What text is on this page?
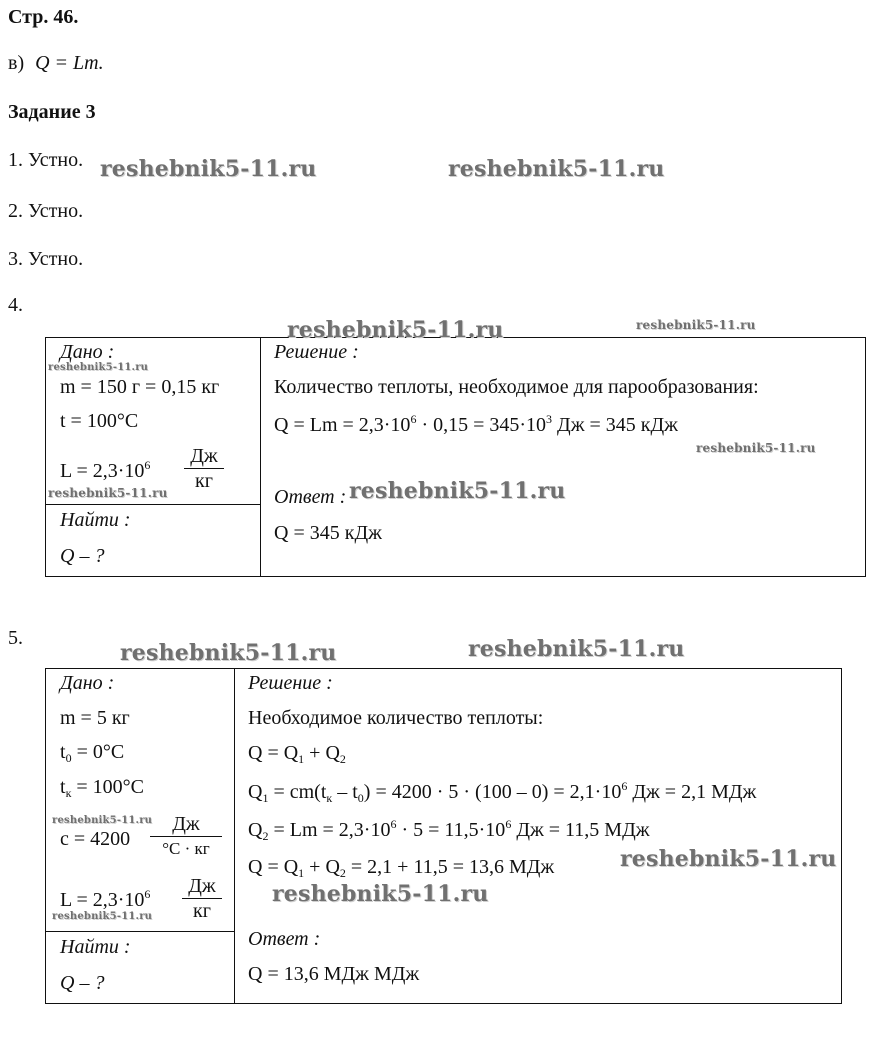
Стр. 46.
в) Q = Lm.
Задание 3
1. Устно.
2. Устно.
3. Устно.
4.
5.
Дано :
m = 150 г = 0,15 кг
t = 100°C
$L = 2,3\cdot 10^6$	Дж
кг
Найти :
Q – ?
Решение :
Количество теплоты, необходимое для парообразования:
$Q = Lm = 2,3\cdot 10^6 \cdot 0,15 = 345\cdot 10^3$ Дж = 345 кДж
Ответ :
Q = 345 кДж
Дано :
m = 5 кг
$t_0 = 0^\circ C$
$t_к = 100^\circ C$
c = 4200
Дж
°C · кг
$L = 2,3\cdot 10^6$	Дж
кг
Найти :
Q – ?
Решение :
Необходимое количество теплоты:
$Q = Q_1 + Q_2$
$Q_1 = cm(t_к - t_0) = 4200 \cdot 5 \cdot (100 - 0) = 2,1\cdot 10^6$ Дж = 2,1 МДж
$Q_2 = Lm = 2,3\cdot 10^6 \cdot 5 = 11,5\cdot 10^6$ Дж = 11,5 МДж
$Q = Q_1 + Q_2 = 2,1 + 11,5 = 13,6$ МДж
Ответ :
Q = 13,6 МДж МДж
reshebnik5-11.ru	reshebnik5-11.ru
reshebnik5-11.ru	reshebnik5-11.ru
reshebnik5-11.ru
reshebnik5-11.ru
reshebnik5-11.ru	reshebnik5-11.ru
reshebnik5-11.ru	reshebnik5-11.ru
reshebnik5-11.ru
reshebnik5-11.ru
reshebnik5-11.ru
reshebnik5-11.ru
